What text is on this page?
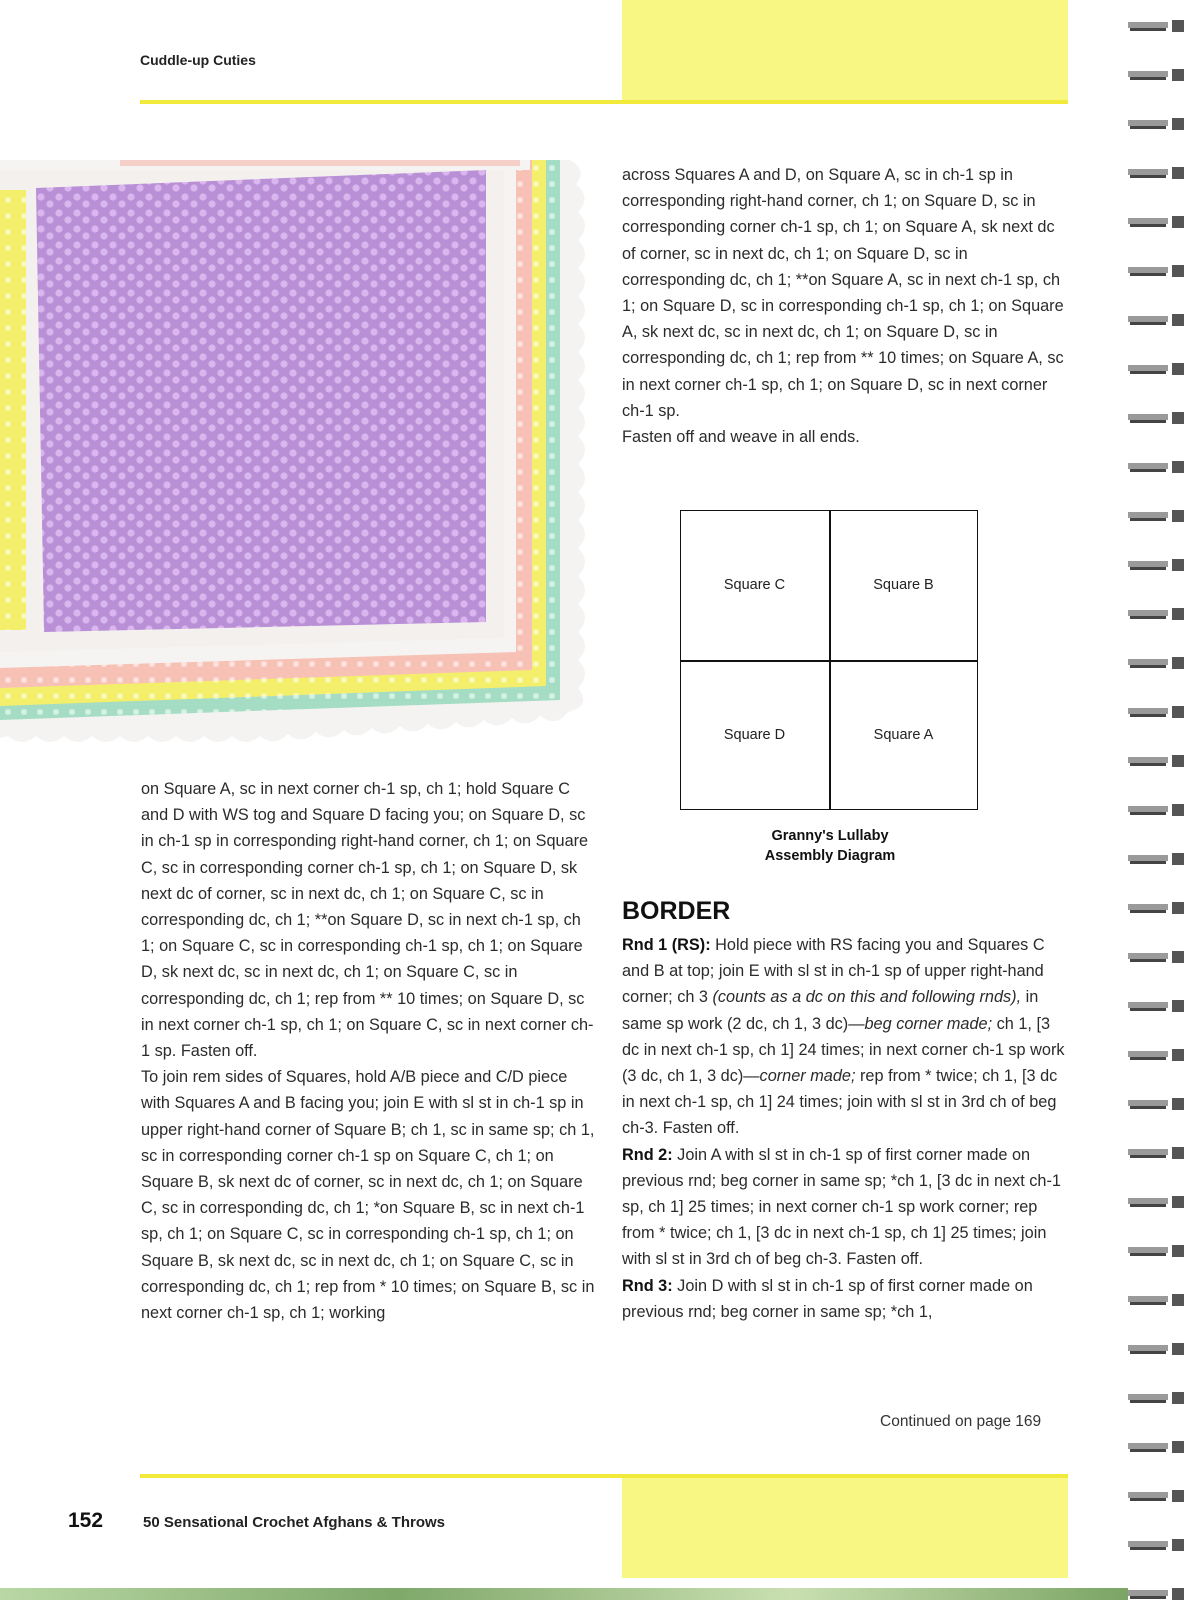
Cuddle-up Cuties

on Square A, sc in next corner ch-1 sp, ch 1; hold Square C and D with WS tog and Square D facing you; on Square D, sc in ch-1 sp in corresponding right-hand corner, ch 1; on Square C, sc in corresponding corner ch-1 sp, ch 1; on Square D, sk next dc of corner, sc in next dc, ch 1; on Square C, sc in corresponding dc, ch 1; **on Square D, sc in next ch-1 sp, ch 1; on Square C, sc in corresponding ch-1 sp, ch 1; on Square D, sk next dc, sc in next dc, ch 1; on Square C, sc in corresponding dc, ch 1; rep from ** 10 times; on Square D, sc in next corner ch-1 sp, ch 1; on Square C, sc in next corner ch-1 sp. Fasten off.

To join rem sides of Squares, hold A/B piece and C/D piece with Squares A and B facing you; join E with sl st in ch-1 sp in upper right-hand corner of Square B; ch 1, sc in same sp; ch 1, sc in corresponding corner ch-1 sp on Square C, ch 1; on Square B, sk next dc of corner, sc in next dc, ch 1; on Square C, sc in corresponding dc, ch 1; *on Square B, sc in next ch-1 sp, ch 1; on Square C, sc in corresponding ch-1 sp, ch 1; on Square B, sk next dc, sc in next dc, ch 1; on Square C, sc in corresponding dc, ch 1; rep from * 10 times; on Square B, sc in next corner ch-1 sp, ch 1; working

across Squares A and D, on Square A, sc in ch-1 sp in corresponding right-hand corner, ch 1; on Square D, sc in corresponding corner ch-1 sp, ch 1; on Square A, sk next dc of corner, sc in next dc, ch 1; on Square D, sc in corresponding dc, ch 1; **on Square A, sc in next ch-1 sp, ch 1; on Square D, sc in corresponding ch-1 sp, ch 1; on Square A, sk next dc, sc in next dc, ch 1; on Square D, sc in corresponding dc, ch 1; rep from ** 10 times; on Square A, sc in next corner ch-1 sp, ch 1; on Square D, sc in next corner ch-1 sp.

Fasten off and weave in all ends.

Square C	Square B
Square D	Square A
Granny's Lullaby
Assembly Diagram
BORDER

Rnd 1 (RS): Hold piece with RS facing you and Squares C and B at top; join E with sl st in ch-1 sp of upper right-hand corner; ch 3 (counts as a dc on this and following rnds), in same sp work (2 dc, ch 1, 3 dc)—beg corner made; ch 1, [3 dc in next ch-1 sp, ch 1] 24 times; in next corner ch-1 sp work (3 dc, ch 1, 3 dc)—corner made; rep from * twice; ch 1, [3 dc in next ch-1 sp, ch 1] 24 times; join with sl st in 3rd ch of beg ch-3. Fasten off.

Rnd 2: Join A with sl st in ch-1 sp of first corner made on previous rnd; beg corner in same sp; *ch 1, [3 dc in next ch-1 sp, ch 1] 25 times; in next corner ch-1 sp work corner; rep from * twice; ch 1, [3 dc in next ch-1 sp, ch 1] 25 times; join with sl st in 3rd ch of beg ch-3. Fasten off.

Rnd 3: Join D with sl st in ch-1 sp of first corner made on previous rnd; beg corner in same sp; *ch 1,

Continued on page 169
152	50 Sensational Crochet Afghans & Throws
